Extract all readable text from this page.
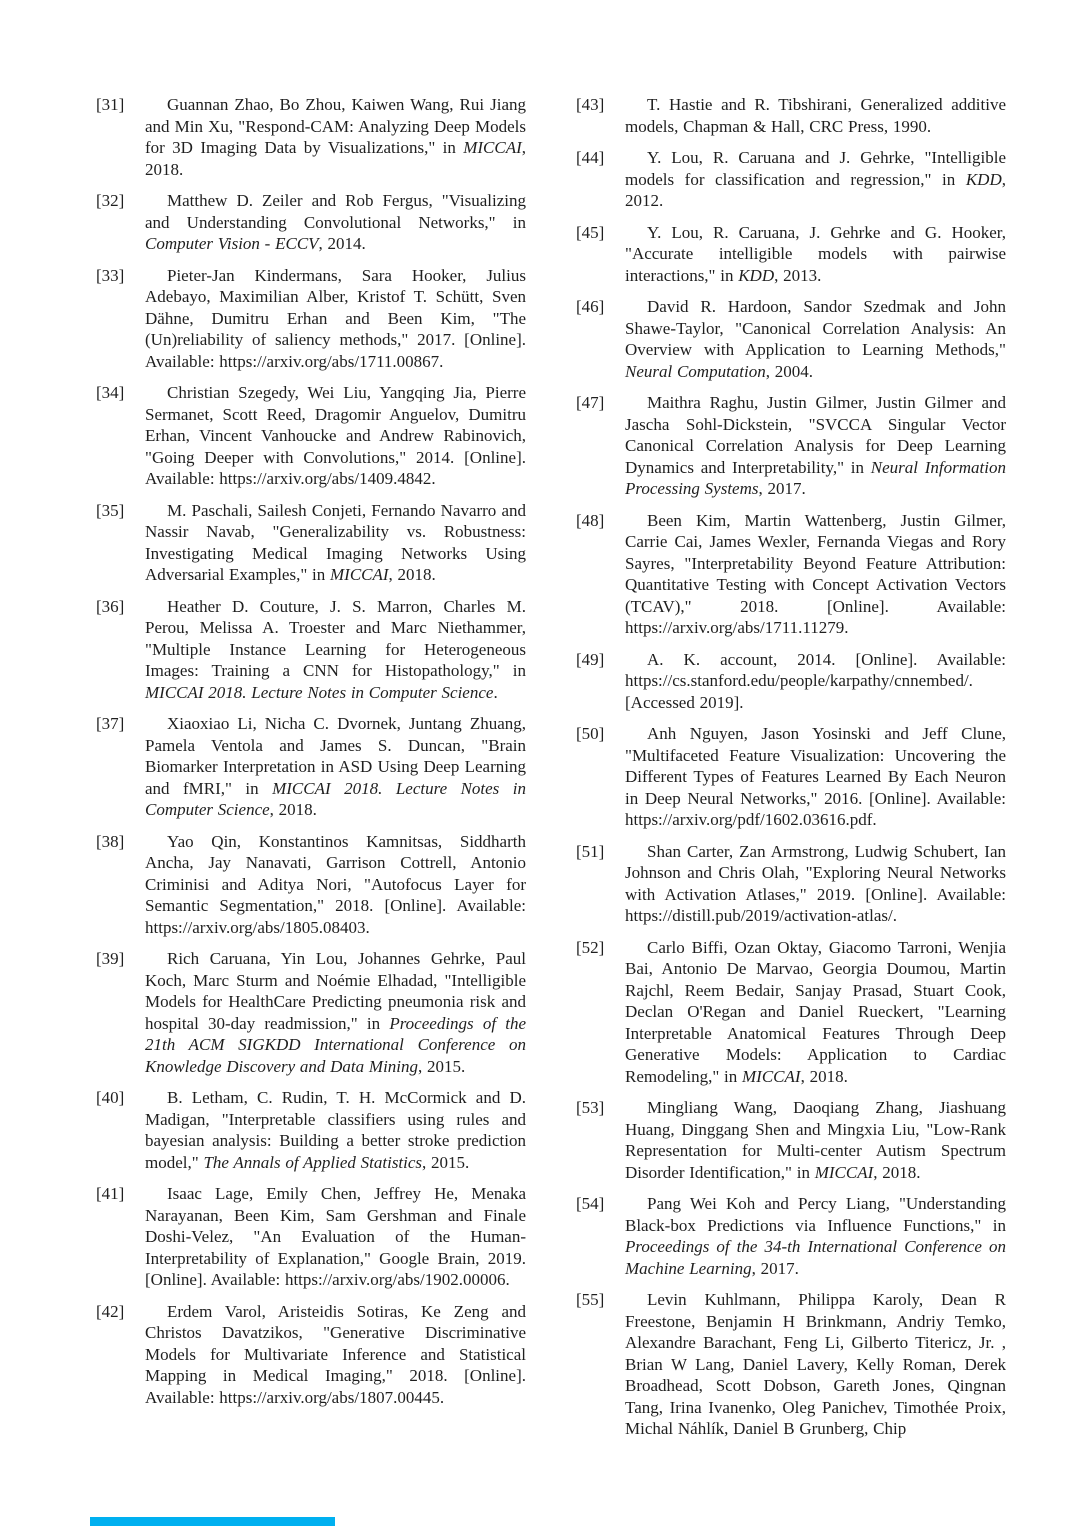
[31]	Guannan Zhao, Bo Zhou, Kaiwen Wang, Rui Jiang and Min Xu, "Respond-CAM: Analyzing Deep Models for 3D Imaging Data by Visualizations," in MICCAI, 2018.
[32]	Matthew D. Zeiler and Rob Fergus, "Visualizing and Understanding Convolutional Networks," in Computer Vision - ECCV, 2014.
[33]	Pieter-Jan Kindermans, Sara Hooker, Julius Adebayo, Maximilian Alber, Kristof T. Schütt, Sven Dähne, Dumitru Erhan and Been Kim, "The (Un)reliability of saliency methods," 2017. [Online]. Available: https://arxiv.org/abs/1711.00867.
[34]	Christian Szegedy, Wei Liu, Yangqing Jia, Pierre Sermanet, Scott Reed, Dragomir Anguelov, Dumitru Erhan, Vincent Vanhoucke and Andrew Rabinovich, "Going Deeper with Convolutions," 2014. [Online]. Available: https://arxiv.org/abs/1409.4842.
[35]	M. Paschali, Sailesh Conjeti, Fernando Navarro and Nassir Navab, "Generalizability vs. Robustness: Investigating Medical Imaging Networks Using Adversarial Examples," in MICCAI, 2018.
[36]	Heather D. Couture, J. S. Marron, Charles M. Perou, Melissa A. Troester and Marc Niethammer, "Multiple Instance Learning for Heterogeneous Images: Training a CNN for Histopathology," in MICCAI 2018. Lecture Notes in Computer Science.
[37]	Xiaoxiao Li, Nicha C. Dvornek, Juntang Zhuang, Pamela Ventola and James S. Duncan, "Brain Biomarker Interpretation in ASD Using Deep Learning and fMRI," in MICCAI 2018. Lecture Notes in Computer Science, 2018.
[38]	Yao Qin, Konstantinos Kamnitsas, Siddharth Ancha, Jay Nanavati, Garrison Cottrell, Antonio Criminisi and Aditya Nori, "Autofocus Layer for Semantic Segmentation," 2018. [Online]. Available: https://arxiv.org/abs/1805.08403.
[39]	Rich Caruana, Yin Lou, Johannes Gehrke, Paul Koch, Marc Sturm and Noémie Elhadad, "Intelligible Models for HealthCare Predicting pneumonia risk and hospital 30-day readmission," in Proceedings of the 21th ACM SIGKDD International Conference on Knowledge Discovery and Data Mining, 2015.
[40]	B. Letham, C. Rudin, T. H. McCormick and D. Madigan, "Interpretable classifiers using rules and bayesian analysis: Building a better stroke prediction model," The Annals of Applied Statistics, 2015.
[41]	Isaac Lage, Emily Chen, Jeffrey He, Menaka Narayanan, Been Kim, Sam Gershman and Finale Doshi-Velez, "An Evaluation of the Human-Interpretability of Explanation," Google Brain, 2019. [Online]. Available: https://arxiv.org/abs/1902.00006.
[42]	Erdem Varol, Aristeidis Sotiras, Ke Zeng and Christos Davatzikos, "Generative Discriminative Models for Multivariate Inference and Statistical Mapping in Medical Imaging," 2018. [Online]. Available: https://arxiv.org/abs/1807.00445.
[43]	T. Hastie and R. Tibshirani, Generalized additive models, Chapman & Hall, CRC Press, 1990.
[44]	Y. Lou, R. Caruana and J. Gehrke, "Intelligible models for classification and regression," in KDD, 2012.
[45]	Y. Lou, R. Caruana, J. Gehrke and G. Hooker, "Accurate intelligible models with pairwise interactions," in KDD, 2013.
[46]	David R. Hardoon, Sandor Szedmak and John Shawe-Taylor, "Canonical Correlation Analysis: An Overview with Application to Learning Methods," Neural Computation, 2004.
[47]	Maithra Raghu, Justin Gilmer, Justin Gilmer and Jascha Sohl-Dickstein, "SVCCA Singular Vector Canonical Correlation Analysis for Deep Learning Dynamics and Interpretability," in Neural Information Processing Systems, 2017.
[48]	Been Kim, Martin Wattenberg, Justin Gilmer, Carrie Cai, James Wexler, Fernanda Viegas and Rory Sayres, "Interpretability Beyond Feature Attribution: Quantitative Testing with Concept Activation Vectors (TCAV)," 2018. [Online]. Available: https://arxiv.org/abs/1711.11279.
[49]	A. K. account, 2014. [Online]. Available: https://cs.stanford.edu/people/karpathy/cnnembed/. [Accessed 2019].
[50]	Anh Nguyen, Jason Yosinski and Jeff Clune, "Multifaceted Feature Visualization: Uncovering the Different Types of Features Learned By Each Neuron in Deep Neural Networks," 2016. [Online]. Available: https://arxiv.org/pdf/1602.03616.pdf.
[51]	Shan Carter, Zan Armstrong, Ludwig Schubert, Ian Johnson and Chris Olah, "Exploring Neural Networks with Activation Atlases," 2019. [Online]. Available: https://distill.pub/2019/activation-atlas/.
[52]	Carlo Biffi, Ozan Oktay, Giacomo Tarroni, Wenjia Bai, Antonio De Marvao, Georgia Doumou, Martin Rajchl, Reem Bedair, Sanjay Prasad, Stuart Cook, Declan O'Regan and Daniel Rueckert, "Learning Interpretable Anatomical Features Through Deep Generative Models: Application to Cardiac Remodeling," in MICCAI, 2018.
[53]	Mingliang Wang, Daoqiang Zhang, Jiashuang Huang, Dinggang Shen and Mingxia Liu, "Low-Rank Representation for Multi-center Autism Spectrum Disorder Identification," in MICCAI, 2018.
[54]	Pang Wei Koh and Percy Liang, "Understanding Black-box Predictions via Influence Functions," in Proceedings of the 34-th International Conference on Machine Learning, 2017.
[55]	Levin Kuhlmann, Philippa Karoly, Dean R Freestone, Benjamin H Brinkmann, Andriy Temko, Alexandre Barachant, Feng Li, Gilberto Titericz, Jr. , Brian W Lang, Daniel Lavery, Kelly Roman, Derek Broadhead, Scott Dobson, Gareth Jones, Qingnan Tang, Irina Ivanenko, Oleg Panichev, Timothée Proix, Michal Náhlík, Daniel B Grunberg, Chip
